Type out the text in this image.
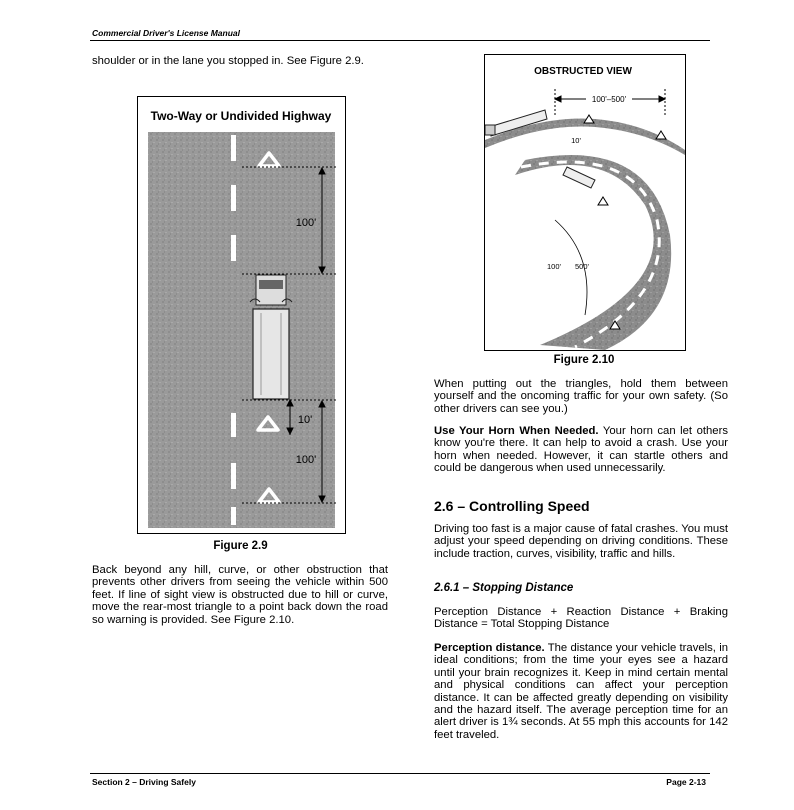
Commercial Driver's License Manual

shoulder or in the lane you stopped in. See Figure 2.9.

Two-Way or Undivided Highway
100'
10'
100'
Figure 2.9

Back beyond any hill, curve, or other obstruction that prevents other drivers from seeing the vehicle within 500 feet. If line of sight view is obstructed due to hill or curve, move the rear-most triangle to a point back down the road so warning is provided. See Figure 2.10.

OBSTRUCTED VIEW
100'–500'
10'
100' 500'
Figure 2.10

When putting out the triangles, hold them between yourself and the oncoming traffic for your own safety. (So other drivers can see you.)

Use Your Horn When Needed. Your horn can let others know you're there. It can help to avoid a crash. Use your horn when needed. However, it can startle others and could be dangerous when used unnecessarily.

2.6 – Controlling Speed

Driving too fast is a major cause of fatal crashes. You must adjust your speed depending on driving conditions. These include traction, curves, visibility, traffic and hills.

2.6.1 – Stopping Distance

Perception Distance + Reaction Distance + Braking Distance = Total Stopping Distance

Perception distance. The distance your vehicle travels, in ideal conditions; from the time your eyes see a hazard until your brain recognizes it. Keep in mind certain mental and physical conditions can affect your perception distance. It can be affected greatly depending on visibility and the hazard itself. The average perception time for an alert driver is 1¾ seconds. At 55 mph this accounts for 142 feet traveled.

Section 2 – Driving Safely	Page 2-13
